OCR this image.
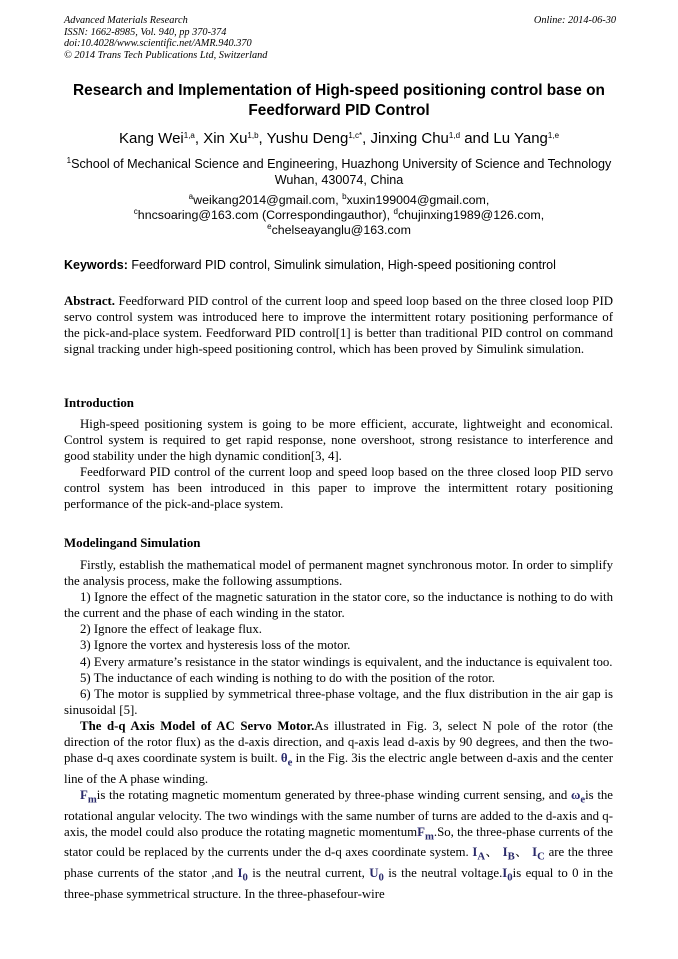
Advanced Materials Research
ISSN: 1662-8985, Vol. 940, pp 370-374
doi:10.4028/www.scientific.net/AMR.940.370
© 2014 Trans Tech Publications Ltd, Switzerland
Online: 2014-06-30
Research and Implementation of High-speed positioning control base on
Feedforward PID Control
Kang Wei$^{1,a}$, Xin Xu$^{1,b}$, Yushu Deng$^{1,c*}$, Jinxing Chu$^{1,d}$ and Lu Yang$^{1,e}$
$^1$School of Mechanical Science and Engineering, Huazhong University of Science and Technology
Wuhan, 430074, China
$^a$weikang2014@gmail.com, $^b$xuxin199004@gmail.com,
$^c$hncsoaring@163.com (Correspondingauthor), $^d$chujinxing1989@126.com,
$^e$chelseayanglu@163.com
Keywords: Feedforward PID control, Simulink simulation, High-speed positioning control

Abstract. Feedforward PID control of the current loop and speed loop based on the three closed loop PID servo control system was introduced here to improve the intermittent rotary positioning performance of the pick-and-place system. Feedforward PID control[1] is better than traditional PID control on command signal tracking under high-speed positioning control, which has been proved by Simulink simulation.

Introduction

High-speed positioning system is going to be more efficient, accurate, lightweight and economical. Control system is required to get rapid response, none overshoot, strong resistance to interference and good stability under the high dynamic condition[3, 4].

Feedforward PID control of the current loop and speed loop based on the three closed loop PID servo control system has been introduced in this paper to improve the intermittent rotary positioning performance of the pick-and-place system.

Modelingand Simulation

Firstly, establish the mathematical model of permanent magnet synchronous motor. In order to simplify the analysis process, make the following assumptions.

1) Ignore the effect of the magnetic saturation in the stator core, so the inductance is nothing to do with the current and the phase of each winding in the stator.

2) Ignore the effect of leakage flux.

3) Ignore the vortex and hysteresis loss of the motor.

4) Every armature’s resistance in the stator windings is equivalent, and the inductance is equivalent too.

5) The inductance of each winding is nothing to do with the position of the rotor.

6) The motor is supplied by symmetrical three-phase voltage, and the flux distribution in the air gap is sinusoidal [5].

The d-q Axis Model of AC Servo Motor.As illustrated in Fig. 3, select N pole of the rotor (the direction of the rotor flux) as the d-axis direction, and q-axis lead d-axis by 90 degrees, and then the two-phase d-q axes coordinate system is built. $\theta_e$ in the Fig. 3is the electric angle between d-axis and the center line of the A phase winding.

$F_mis$ the rotating magnetic momentum generated by three-phase winding current sensing, and $\omega_eis$ the rotational angular velocity. The two windings with the same number of turns are added to the d-axis and q-axis, the model could also produce the rotating magnetic momentumF$_m$.So, the three-phase currents of the stator could be replaced by the currents under the d-q axes coordinate system. $I_A$、 $I_B$、 $I_C$ are the three phase currents of the stator ,and $I_0$ is the neutral current, $U_0$ is the neutral $voltage.I_0is$ equal to 0 in the three-phase symmetrical structure. In the three-phasefour-wire
